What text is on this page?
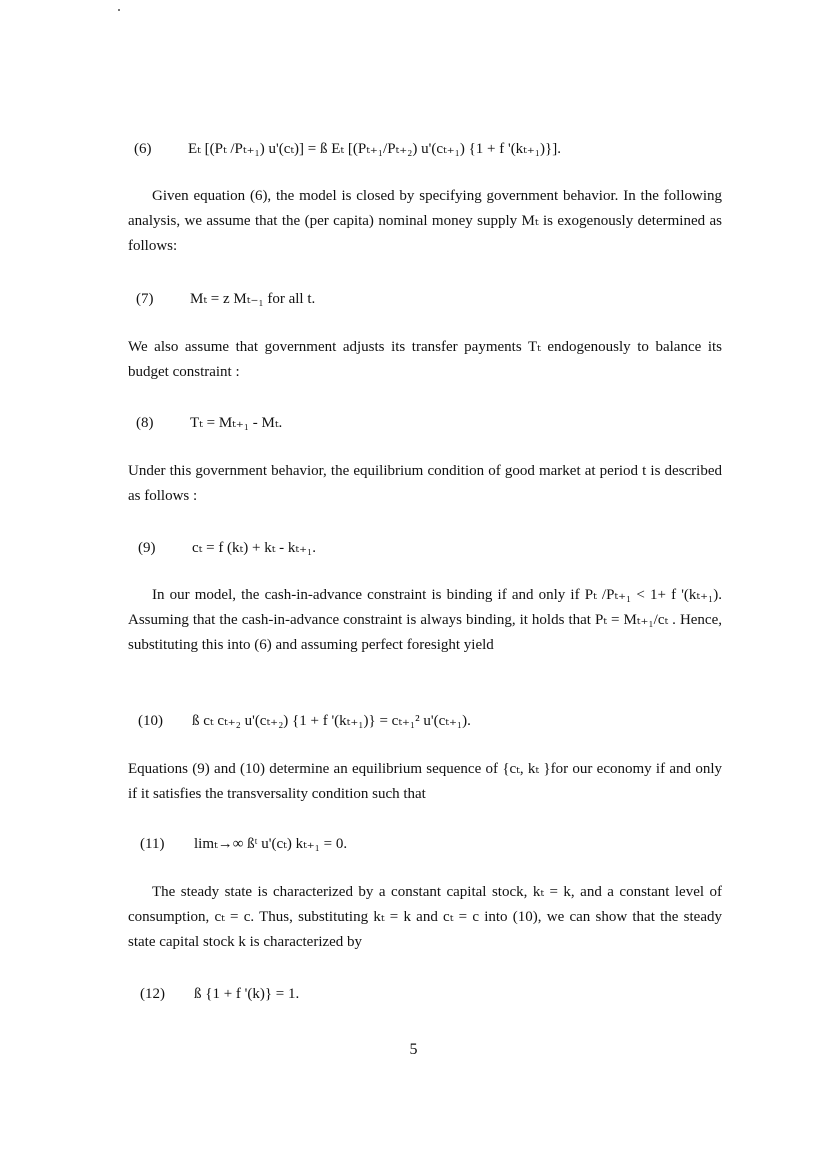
(6) Eₜ [(Pₜ /Pₜ₊₁) u'(cₜ)] = ß Eₜ [(Pₜ₊₁/Pₜ₊₂) u'(cₜ₊₁) {1 + f '(kₜ₊₁)}].
Given equation (6), the model is closed by specifying government behavior. In the following analysis, we assume that the (per capita) nominal money supply Mₜ is exogenously determined as follows:
(7) Mₜ = z Mₜ₋₁ for all t.
We also assume that government adjusts its transfer payments Tₜ endogenously to balance its budget constraint :
(8) Tₜ = Mₜ₊₁ - Mₜ.
Under this government behavior, the equilibrium condition of good market at period t is described as follows :
(9) cₜ = f (kₜ) + kₜ - kₜ₊₁.
In our model, the cash-in-advance constraint is binding if and only if Pₜ /Pₜ₊₁ < 1+ f '(kₜ₊₁). Assuming that the cash-in-advance constraint is always binding, it holds that Pₜ = Mₜ₊₁/cₜ . Hence, substituting this into (6) and assuming perfect foresight yield
(10) ß cₜ cₜ₊₂ u'(cₜ₊₂) {1 + f '(kₜ₊₁)} = cₜ₊₁² u'(cₜ₊₁).
Equations (9) and (10) determine an equilibrium sequence of {cₜ, kₜ }for our economy if and only if it satisfies the transversality condition such that
(11) limₜ→∞ ßᵗ u'(cₜ) kₜ₊₁ = 0.
The steady state is characterized by a constant capital stock, kₜ = k, and a constant level of consumption, cₜ = c. Thus, substituting kₜ = k and cₜ = c into (10), we can show that the steady state capital stock k is characterized by
(12) ß {1 + f '(k)} = 1.
5
